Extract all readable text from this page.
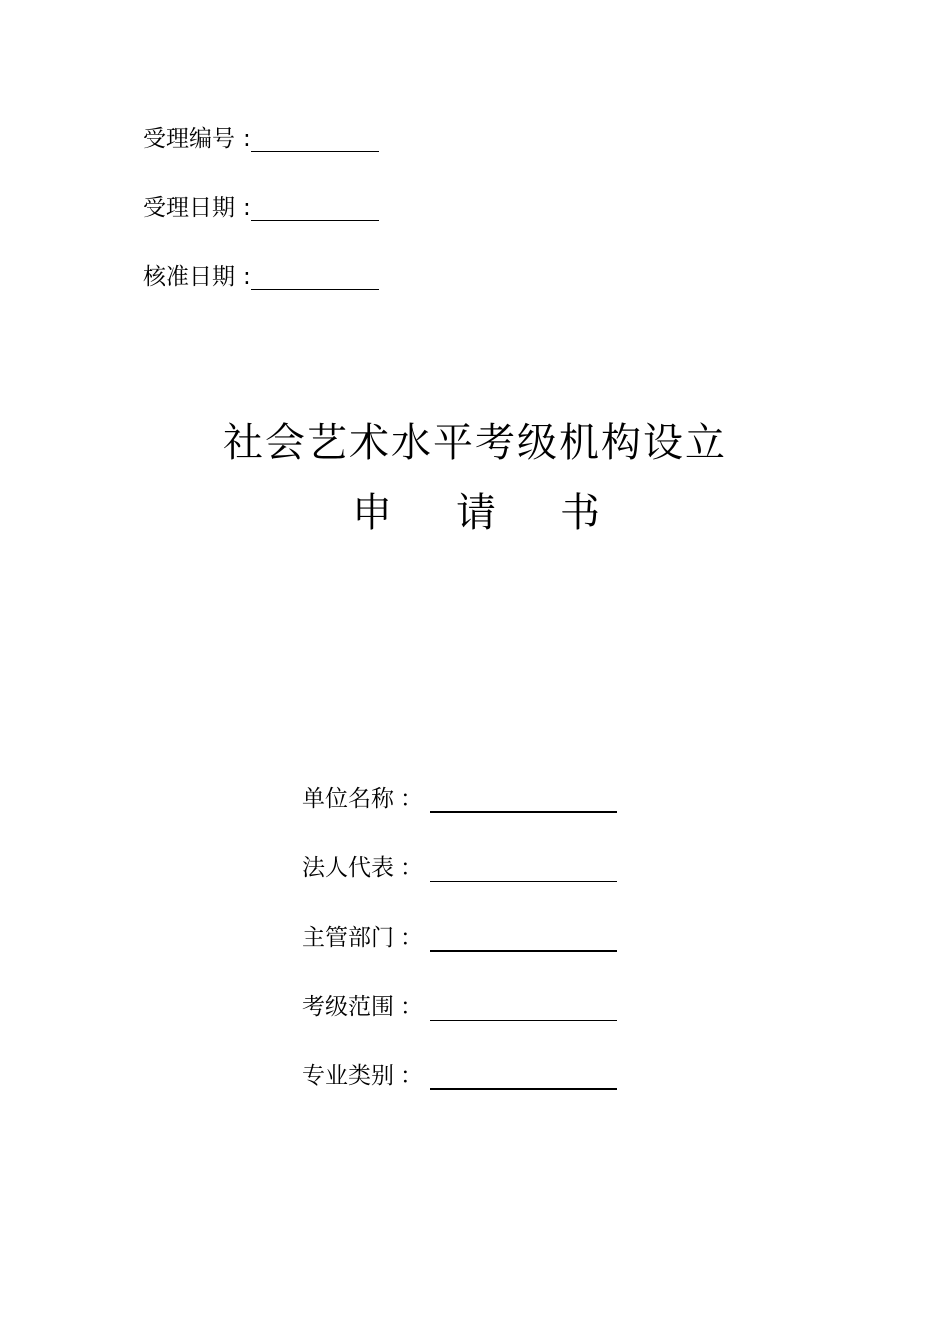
受理编号 :
受理日期 :
核准日期 :
社会艺术水平考级机构设立
申 请 书
单位名称 ：
法人代表 ：
主管部门 ：
考级范围 ：
专业类别 ：
